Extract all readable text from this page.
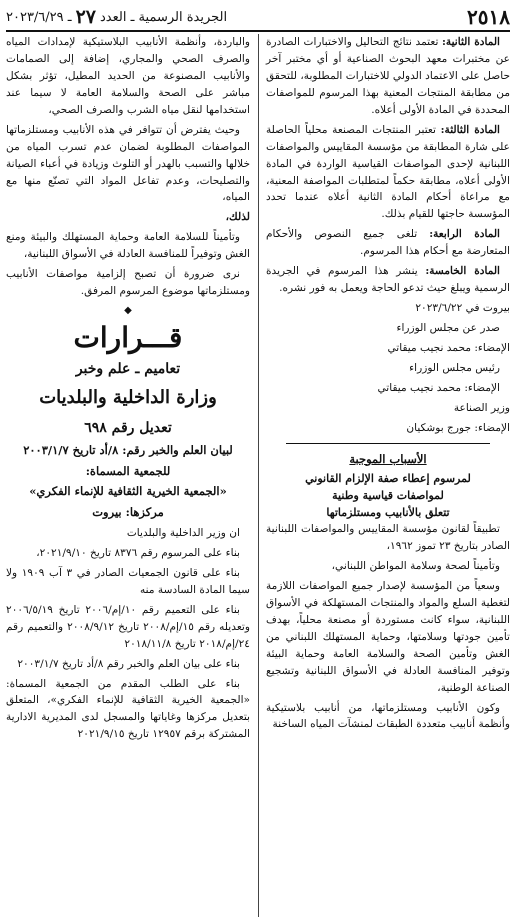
٢٥١٨
الجريدة الرسمية ـ العدد
٢٧
ـ ٢٠٢٣/٦/٢٩

المادة الثانية: تعتمد نتائج التحاليل والاختبارات الصادرة عن مختبرات معهد البحوث الصناعية أو أي مختبر آخر حاصل على الاعتماد الدولي للاختبارات المطلوبة، للتحقق من مطابقة المنتجات المعنية بهذا المرسوم للمواصفات المحددة في المادة الأولى أعلاه.

المادة الثالثة: تعتبر المنتجات المصنعة محلياً الحاصلة على شارة المطابقة من مؤسسة المقاييس والمواصفات اللبنانية لإحدى المواصفات القياسية الواردة في المادة الأولى أعلاه، مطابقة حكماً لمتطلبات المواصفة المعنية، مع مراعاة أحكام المادة الثانية أعلاه عندما تحدد المؤسسة حاجتها للقيام بذلك.

المادة الرابعة: تلغى جميع النصوص والأحكام المتعارضة مع أحكام هذا المرسوم.

المادة الخامسة: ينشر هذا المرسوم في الجريدة الرسمية ويبلغ حيث تدعو الحاجة ويعمل به فور نشره.

بيروت في ٢٠٢٣/٦/٢٢

صدر عن مجلس الوزراء

الإمضاء: محمد نجيب ميقاتي

رئيس مجلس الوزراء

الإمضاء: محمد نجيب ميقاتي

وزير الصناعة

الإمضاء: جورج بوشكيان

الأسباب الموجبة
لمرسوم إعطاء صفة الإلزام القانوني
لمواصفات قياسية وطنية
تتعلق بالأنابيب ومستلزماتها

تطبيقاً لقانون مؤسسة المقاييس والمواصفات اللبنانية الصادر بتاريخ ٢٣ تموز ١٩٦٢،

وتأميناً لصحة وسلامة المواطن اللبناني،

وسعياً من المؤسسة لإصدار جميع المواصفات اللازمة لتغطية السلع والمواد والمنتجات المستهلكة في الأسواق اللبنانية، سواء كانت مستوردة أو مصنعة محلياً، بهدف تأمين جودتها وسلامتها، وحماية المستهلك اللبناني من الغش وتأمين الصحة والسلامة العامة وحماية البيئة وتوفير المنافسة العادلة في الأسواق اللبنانية وتشجيع الصناعة الوطنية،

وكون الأنابيب ومستلزماتها، من أنابيب بلاستيكية وأنظمة أنابيب متعددة الطبقات لمنشآت المياه الساخنة

والباردة، وأنظمة الأنابيب البلاستيكية لإمدادات المياه والصرف الصحي والمجاري، إضافة إلى الصمامات والأنابيب المصنوعة من الحديد المطيل، تؤثر بشكل مباشر على الصحة والسلامة العامة لا سيما عند استخدامها لنقل مياه الشرب والصرف الصحي،

وحيث يفترض أن تتوافر في هذه الأنابيب ومستلزماتها المواصفات المطلوبة لضمان عدم تسرب المياه من خلالها والتسبب بالهدر أو التلوث وزيادة في أعباء الصيانة والتصليحات، وعدم تفاعل المواد التي تصنّع منها مع المياه،

لذلك،

وتأميناً للسلامة العامة وحماية المستهلك والبيئة ومنع الغش وتوفيراً للمنافسة العادلة في الأسواق اللبنانية،

نرى ضرورة أن تصبح إلزامية مواصفات الأنابيب ومستلزماتها موضوع المرسوم المرفق.

◆
قـــرارات
تعاميم ـ علم وخبر
وزارة الداخلية والبلديات
تعديل رقم ٦٩٨
لبيان العلم والخبر رقم: ٨/أد تاريخ ٢٠٠٣/١/٧
للجمعية المسماة:
«الجمعية الخيرية الثقافية للإنماء الفكري»
مركزها: بيروت

ان وزير الداخلية والبلديات

بناء على المرسوم رقم ٨٣٧٦ تاريخ ٢٠٢١/٩/١٠،

بناء على قانون الجمعيات الصادر في ٣ آب ١٩٠٩ ولا سيما المادة السادسة منه

بناء على التعميم رقم ١٠/إم/٢٠٠٦ تاريخ ٢٠٠٦/٥/١٩ وتعديله رقم ١٥/إم/٢٠٠٨ تاريخ ٢٠٠٨/٩/١٢ والتعميم رقم ٢٤/إم/٢٠١٨ تاريخ ٢٠١٨/١١/٨

بناء على بيان العلم والخبر رقم ٨/أد تاريخ ٢٠٠٣/١/٧

بناء على الطلب المقدم من الجمعية المسماة: «الجمعية الخيرية الثقافية للإنماء الفكري»، المتعلق بتعديل مركزها وغاياتها والمسجل لدى المديرية الادارية المشتركة برقم ١٢٩٥٧ تاريخ ٢٠٢١/٩/١٥
